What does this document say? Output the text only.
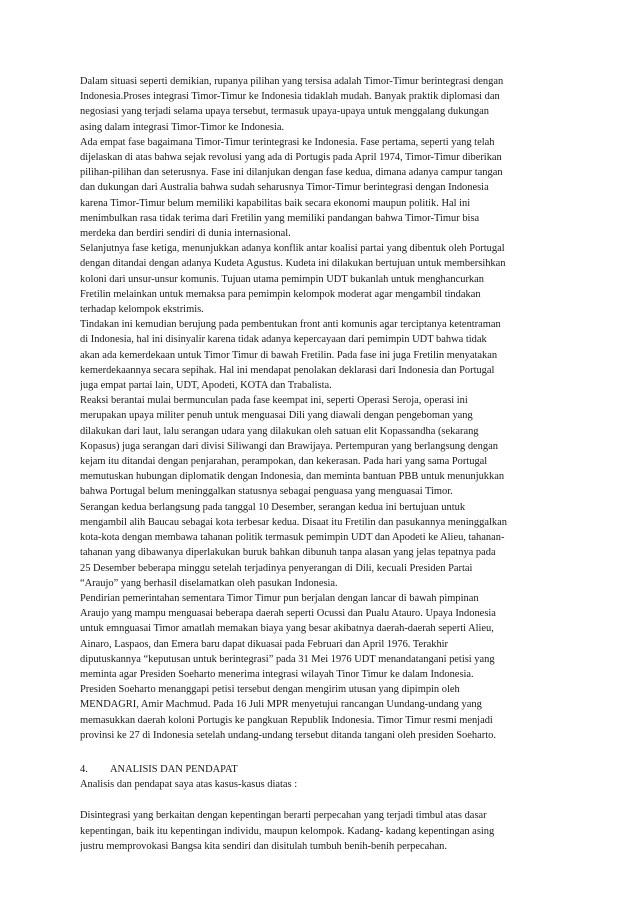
Dalam situasi seperti demikian, rupanya pilihan yang tersisa adalah Timor-Timur berintegrasi dengan
Indonesia.Proses integrasi Timor-Timur ke Indonesia tidaklah mudah. Banyak praktik diplomasi dan
negosiasi yang terjadi selama upaya tersebut, termasuk upaya-upaya untuk menggalang dukungan
asing dalam integrasi Timor-Timor ke Indonesia.
Ada empat fase bagaimana Timor-Timur terintegrasi ke Indonesia. Fase pertama, seperti yang telah
dijelaskan di atas bahwa sejak revolusi yang ada di Portugis pada April 1974, Timor-Timur diberikan
pilihan-pilihan dan seterusnya. Fase ini dilanjukan dengan fase kedua, dimana adanya campur tangan
dan dukungan dari Australia bahwa sudah seharusnya Timor-Timur berintegrasi dengan Indonesia
karena Timor-Timur belum memiliki kapabilitas baik secara ekonomi maupun politik. Hal ini
menimbulkan rasa tidak terima dari Fretilin yang memiliki pandangan bahwa Timor-Timur bisa
merdeka dan berdiri sendiri di dunia internasional.
Selanjutnya fase ketiga, menunjukkan adanya konflik antar koalisi partai yang dibentuk oleh Portugal
dengan ditandai dengan adanya Kudeta Agustus. Kudeta ini dilakukan bertujuan untuk membersihkan
koloni dari unsur-unsur komunis. Tujuan utama pemimpin UDT bukanlah untuk menghancurkan
Fretilin melainkan untuk memaksa para pemimpin kelompok moderat agar mengambil tindakan
terhadap kelompok ekstrimis.
Tindakan ini kemudian berujung pada pembentukan front anti komunis agar terciptanya ketentraman
di Indonesia, hal ini disinyalir karena tidak adanya kepercayaan dari pemimpin UDT bahwa tidak
akan ada kemerdekaan untuk Timor Timur di bawah Fretilin. Pada fase ini juga Fretilin menyatakan
kemerdekaannya secara sepihak. Hal ini mendapat penolakan deklarasi dari Indonesia dan Portugal
juga empat partai lain, UDT, Apodeti, KOTA dan Trabalista.
Reaksi berantai mulai bermunculan pada fase keempat ini, seperti Operasi Seroja, operasi ini
merupakan upaya militer penuh untuk menguasai Dili yang diawali dengan pengeboman yang
dilakukan dari laut, lalu serangan udara yang dilakukan oleh satuan elit Kopassandha (sekarang
Kopasus) juga serangan dari divisi Siliwangi dan Brawijaya. Pertempuran yang berlangsung dengan
kejam itu ditandai dengan penjarahan, perampokan, dan kekerasan. Pada hari yang sama Portugal
memutuskan hubungan diplomatik dengan Indonesia, dan meminta bantuan PBB untuk menunjukkan
bahwa Portugal belum meninggalkan statusnya sebagai penguasa yang menguasai Timor.
Serangan kedua berlangsung pada tanggal 10 Desember, serangan kedua ini bertujuan untuk
mengambil alih Baucau sebagai kota terbesar kedua. Disaat itu Fretilin dan pasukannya meninggalkan
kota-kota dengan membawa tahanan politik termasuk pemimpin UDT dan Apodeti ke Alieu, tahanan-
tahanan yang dibawanya diperlakukan buruk bahkan dibunuh tanpa alasan yang jelas tepatnya pada
25 Desember beberapa minggu setelah terjadinya penyerangan di Dili, kecuali Presiden Partai
“Araujo” yang berhasil diselamatkan oleh pasukan Indonesia.
Pendirian pemerintahan sementara Timor Timur pun berjalan dengan lancar di bawah pimpinan
Araujo yang mampu menguasai beberapa daerah seperti Ocussi dan Pualu Atauro. Upaya Indonesia
untuk emnguasai Timor amatlah memakan biaya yang besar akibatnya daerah-daerah seperti Alieu,
Ainaro, Laspaos, dan Emera baru dapat dikuasai pada Februari dan April 1976. Terakhir
diputuskannya “keputusan untuk berintegrasi” pada 31 Mei 1976 UDT menandatangani petisi yang
meminta agar Presiden Soeharto menerima integrasi wilayah Tinor Timur ke dalam Indonesia.
Presiden Soeharto menanggapi petisi tersebut dengan mengirim utusan yang dipimpin oleh
MENDAGRI, Amir Machmud. Pada 16 Juli MPR menyetujui rancangan Uundang-undang yang
memasukkan daerah koloni Portugis ke pangkuan Republik Indonesia. Timor Timur resmi menjadi
provinsi ke 27 di Indonesia setelah undang-undang tersebut ditanda tangani oleh presiden Soeharto.
4. ANALISIS DAN PENDAPAT
Analisis dan pendapat saya atas kasus-kasus diatas :
Disintegrasi yang berkaitan dengan kepentingan berarti perpecahan yang terjadi timbul atas dasar
kepentingan, baik itu kepentingan individu, maupun kelompok. Kadang- kadang kepentingan asing
justru memprovokasi Bangsa kita sendiri dan disitulah tumbuh benih-benih perpecahan.
